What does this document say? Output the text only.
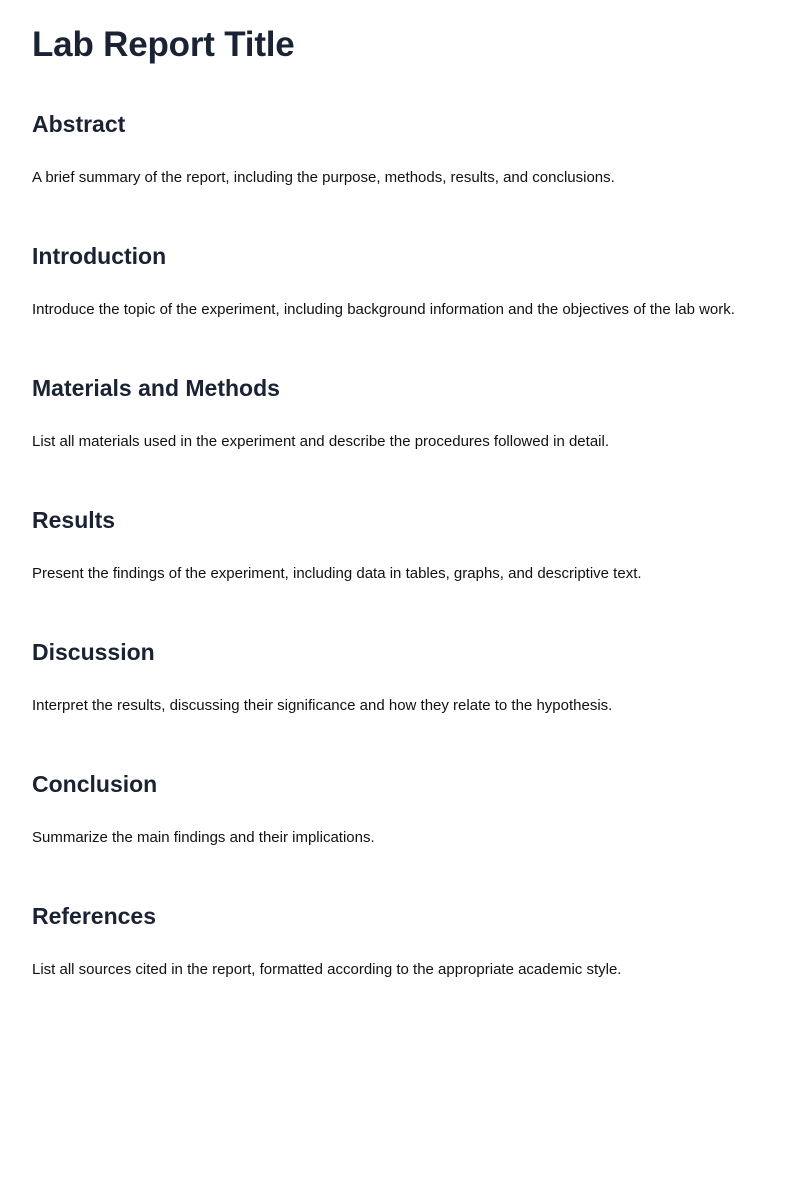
Lab Report Title
Abstract

A brief summary of the report, including the purpose, methods, results, and conclusions.

Introduction

Introduce the topic of the experiment, including background information and the objectives of the lab work.

Materials and Methods

List all materials used in the experiment and describe the procedures followed in detail.

Results

Present the findings of the experiment, including data in tables, graphs, and descriptive text.

Discussion

Interpret the results, discussing their significance and how they relate to the hypothesis.

Conclusion

Summarize the main findings and their implications.

References

List all sources cited in the report, formatted according to the appropriate academic style.
